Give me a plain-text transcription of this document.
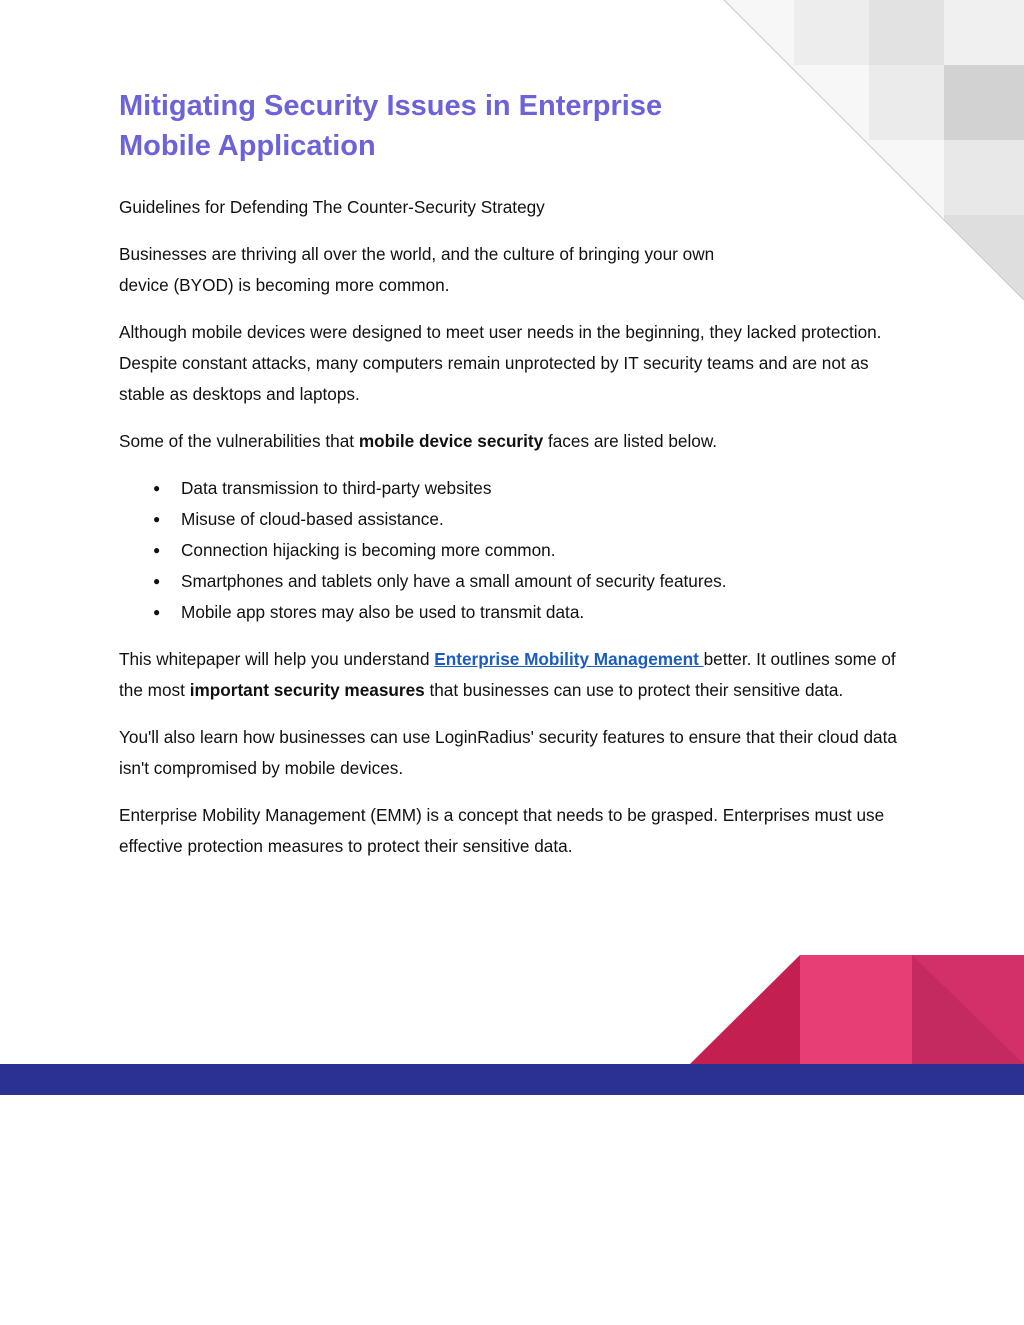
Mitigating Security Issues in Enterprise Mobile Application

Guidelines for Defending The Counter-Security Strategy

Businesses are thriving all over the world, and the culture of bringing your own device (BYOD) is becoming more common.

Although mobile devices were designed to meet user needs in the beginning, they lacked protection. Despite constant attacks, many computers remain unprotected by IT security teams and are not as stable as desktops and laptops.

Some of the vulnerabilities that mobile device security faces are listed below.

● Data transmission to third-party websites
● Misuse of cloud-based assistance.
● Connection hijacking is becoming more common.
● Smartphones and tablets only have a small amount of security features.
● Mobile app stores may also be used to transmit data.

This whitepaper will help you understand Enterprise Mobility Management better. It outlines some of the most important security measures that businesses can use to protect their sensitive data.

You'll also learn how businesses can use LoginRadius' security features to ensure that their cloud data isn't compromised by mobile devices.

Enterprise Mobility Management (EMM) is a concept that needs to be grasped. Enterprises must use effective protection measures to protect their sensitive data.
